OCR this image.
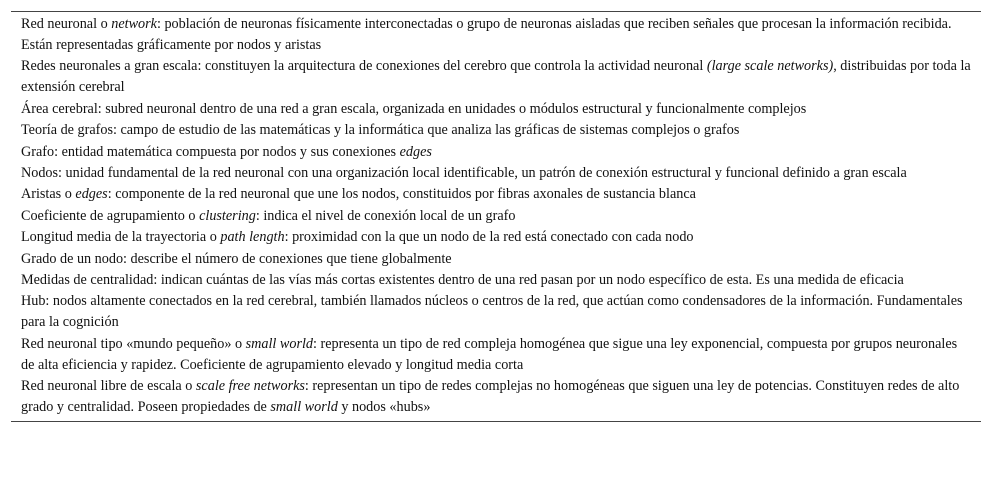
Red neuronal o network: población de neuronas físicamente interconectadas o grupo de neuronas aisladas que reciben señales que procesan la información recibida. Están representadas gráficamente por nodos y aristas
Redes neuronales a gran escala: constituyen la arquitectura de conexiones del cerebro que controla la actividad neuronal (large scale networks), distribuidas por toda la extensión cerebral
Área cerebral: subred neuronal dentro de una red a gran escala, organizada en unidades o módulos estructural y funcionalmente complejos
Teoría de grafos: campo de estudio de las matemáticas y la informática que analiza las gráficas de sistemas complejos o grafos
Grafo: entidad matemática compuesta por nodos y sus conexiones edges
Nodos: unidad fundamental de la red neuronal con una organización local identificable, un patrón de conexión estructural y funcional definido a gran escala
Aristas o edges: componente de la red neuronal que une los nodos, constituidos por fibras axonales de sustancia blanca
Coeficiente de agrupamiento o clustering: indica el nivel de conexión local de un grafo
Longitud media de la trayectoria o path length: proximidad con la que un nodo de la red está conectado con cada nodo
Grado de un nodo: describe el número de conexiones que tiene globalmente
Medidas de centralidad: indican cuántas de las vías más cortas existentes dentro de una red pasan por un nodo específico de esta. Es una medida de eficacia
Hub: nodos altamente conectados en la red cerebral, también llamados núcleos o centros de la red, que actúan como condensadores de la información. Fundamentales para la cognición
Red neuronal tipo «mundo pequeño» o small world: representa un tipo de red compleja homogénea que sigue una ley exponencial, compuesta por grupos neuronales de alta eficiencia y rapidez. Coeficiente de agrupamiento elevado y longitud media corta
Red neuronal libre de escala o scale free networks: representan un tipo de redes complejas no homogéneas que siguen una ley de potencias. Constituyen redes de alto grado y centralidad. Poseen propiedades de small world y nodos «hubs»
